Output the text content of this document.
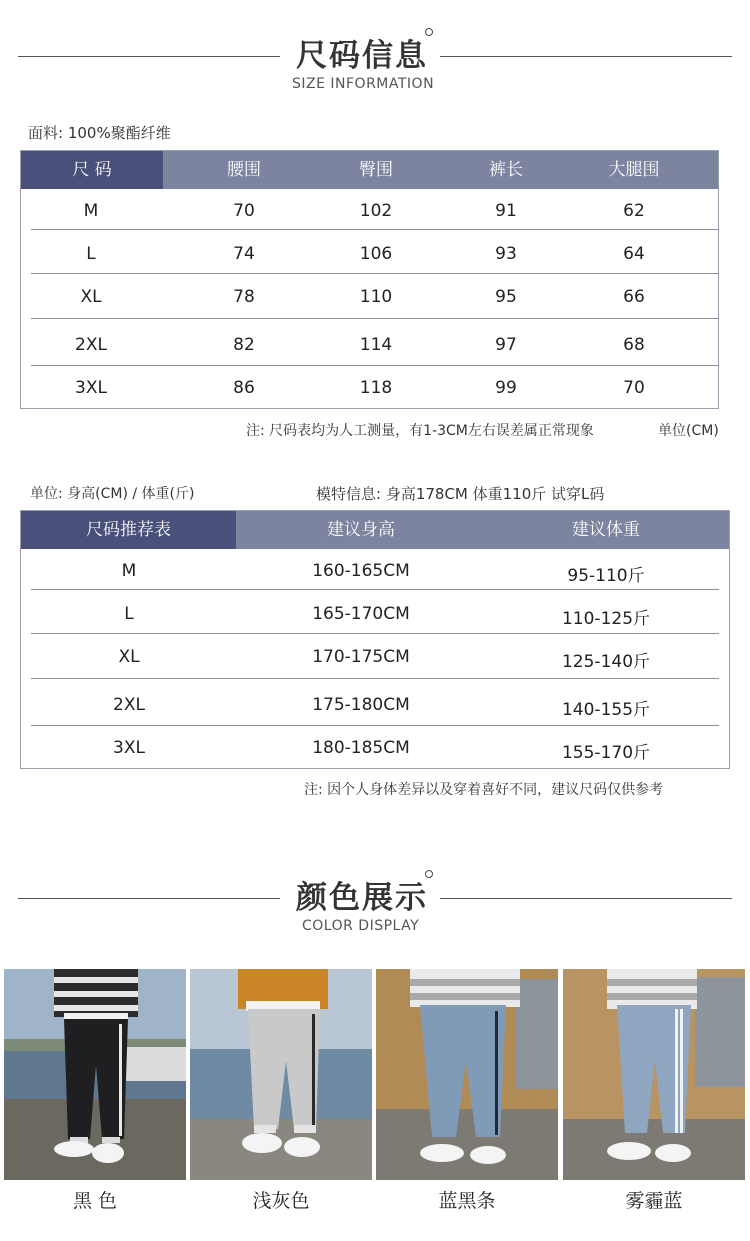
尺码信息
SIZE INFORMATION
面料: 100%聚酯纤维
尺 码	腰围	臀围	裤长	大腿围
M	70	102	91	62
L	74	106	93	64
XL	78	110	95	66
2XL	82	114	97	68
3XL	86	118	99	70
注: 尺码表均为人工测量，有1-3CM左右误差属正常现象	单位(CM)
单位: 身高(CM) / 体重(斤)	模特信息: 身高178CM 体重110斤 试穿L码
尺码推荐表	建议身高	建议体重
M	160-165CM	95-110斤
L	165-170CM	110-125斤
XL	170-175CM	125-140斤
2XL	175-180CM	140-155斤
3XL	180-185CM	155-170斤
注: 因个人身体差异以及穿着喜好不同，建议尺码仅供参考
颜色展示
COLOR DISPLAY
黑 色	浅灰色	蓝黑条	雾霾蓝
